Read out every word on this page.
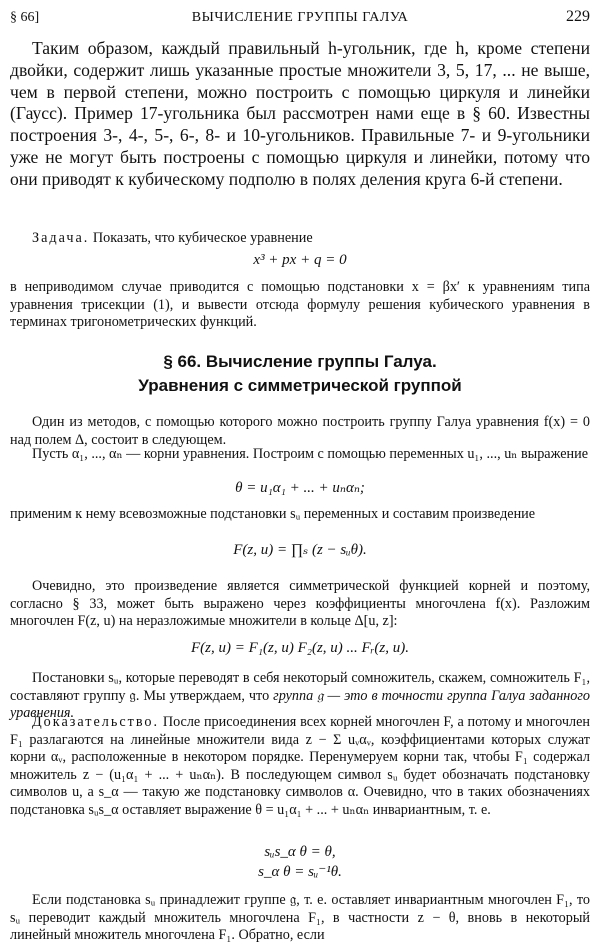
§ 66]	ВЫЧИСЛЕНИЕ ГРУППЫ ГАЛУА	229

Таким образом, каждый правильный h-угольник, где h, кроме степени двойки, содержит лишь указанные простые множители 3, 5, 17, ... не выше, чем в первой степени, можно построить с помощью циркуля и линейки (Гаусс). Пример 17-угольника был рассмотрен нами еще в § 60. Известны построения 3-, 4-, 5-, 6-, 8- и 10-угольников. Правильные 7- и 9-угольники уже не могут быть построены с помощью циркуля и линейки, потому что они приводят к кубическому подполю в полях деления круга 6-й степени.

Задача. Показать, что кубическое уравнение

x³ + px + q = 0

в неприводимом случае приводится с помощью подстановки x = βx′ к уравнениям типа уравнения трисекции (1), и вывести отсюда формулу решения кубического уравнения в терминах тригонометрических функций.

§ 66. Вычисление группы Галуа.
Уравнения с симметрической группой

Один из методов, с помощью которого можно построить группу Галуа уравнения f(x) = 0 над полем Δ, состоит в следующем.

Пусть α₁, ..., αₙ — корни уравнения. Построим с помощью переменных u₁, ..., uₙ выражение

θ = u₁α₁ + ... + uₙαₙ;

применим к нему всевозможные подстановки sᵤ переменных и составим произведение

F(z, u) = ∏ₛ (z − sᵤθ).

Очевидно, это произведение является симметрической функцией корней и поэтому, согласно § 33, может быть выражено через коэффициенты многочлена f(x). Разложим многочлен F(z, u) на неразложимые множители в кольце Δ[u, z]:

F(z, u) = F₁(z, u) F₂(z, u) ... Fᵣ(z, u).

Постановки sᵤ, которые переводят в себя некоторый сомножитель, скажем, сомножитель F₁, составляют группу 𝔤. Мы утверждаем, что группа 𝔤 — это в точности группа Галуа заданного уравнения.

Доказательство. После присоединения всех корней многочлен F, а потому и многочлен F₁ разлагаются на линейные множители вида z − Σ uᵥαᵥ, коэффициентами которых служат корни αᵥ, расположенные в некотором порядке. Перенумеруем корни так, чтобы F₁ содержал множитель z − (u₁α₁ + ... + uₙαₙ). В последующем символ sᵤ будет обозначать подстановку символов u, а s_α — такую же подстановку символов α. Очевидно, что в таких обозначениях подстановка sᵤs_α оставляет выражение θ = u₁α₁ + ... + uₙαₙ инвариантным, т. е.

sᵤs_α θ = θ,
s_α θ = sᵤ⁻¹θ.

Если подстановка sᵤ принадлежит группе 𝔤, т. е. оставляет инвариантным многочлен F₁, то sᵤ переводит каждый множитель многочлена F₁, в частности z − θ, вновь в некоторый линейный множитель многочлена F₁. Обратно, если
